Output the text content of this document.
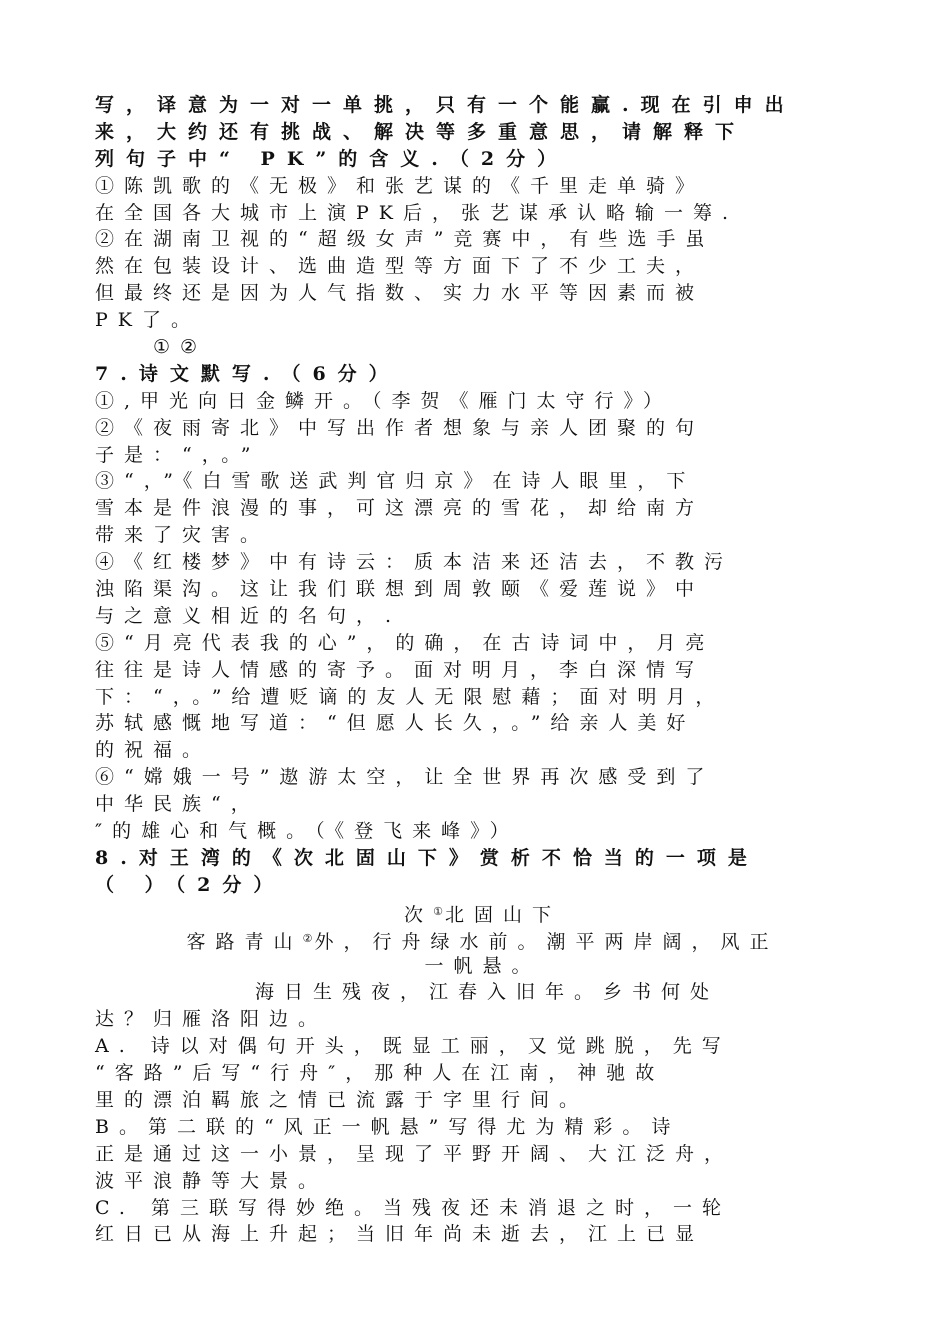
写，译意为一对一单挑，只有一个能赢.现在引申出
来，大约还有挑战、解决等多重意思，请解释下
列句子中“ PK”的含义.（2分）
①陈凯歌的《无极》和张艺谋的《千里走单骑》
在全国各大城市上演PK后，张艺谋承认略输一筹.
②在湖南卫视的“超级女声”竞赛中，有些选手虽
然在包装设计、选曲造型等方面下了不少工夫，
但最终还是因为人气指数、实力水平等因素而被
PK了。
①②
7.诗文默写.（6分）
①,甲光向日金鳞开。（李贺《雁门太守行》）
②《夜雨寄北》中写出作者想象与亲人团聚的句
子是：“，。”
③“，”《白雪歌送武判官归京》在诗人眼里，下
雪本是件浪漫的事，可这漂亮的雪花，却给南方
带来了灾害。
④《红楼梦》中有诗云：质本洁来还洁去，不教污
浊陷渠沟。这让我们联想到周敦颐《爱莲说》中
与之意义相近的名句，.
⑤“月亮代表我的心”，的确，在古诗词中，月亮
往往是诗人情感的寄予。面对明月，李白深情写
下：“，。”给遭贬谪的友人无限慰藉；面对明月，
苏轼感慨地写道：“但愿人长久，。”给亲人美好
的祝福。
⑥“嫦娥一号”遨游太空，让全世界再次感受到了
中华民族“，
″的雄心和气概。（《登飞来峰》）
8.对王湾的《次北固山下》赏析不恰当的一项是
（ ）（2分）
次①北固山下
客路青山②外，行舟绿水前。潮平两岸阔，风正
一帆悬。
海日生残夜，江春入旧年。乡书何处
达？归雁洛阳边。
A. 诗以对偶句开头，既显工丽，又觉跳脱，先写
“客路”后写“行舟″，那种人在江南，神驰故
里的漂泊羁旅之情已流露于字里行间。
B。第二联的“风正一帆悬”写得尤为精彩。诗
正是通过这一小景，呈现了平野开阔、大江泛舟，
波平浪静等大景。
C. 第三联写得妙绝。当残夜还未消退之时，一轮
红日已从海上升起；当旧年尚未逝去，江上已显
